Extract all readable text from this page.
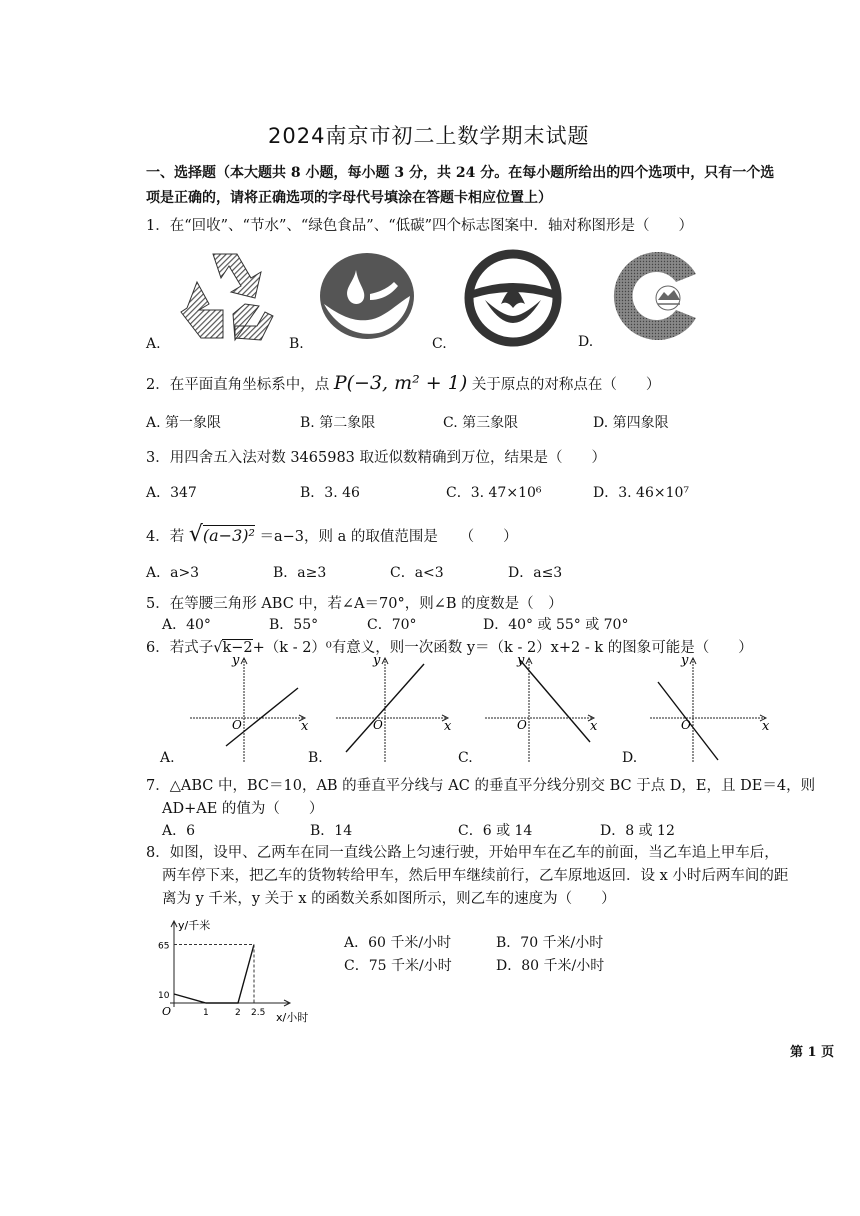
2024南京市初二上数学期末试题
一、选择题（本大题共 8 小题，每小题 3 分，共 24 分。在每小题所给出的四个选项中，只有一个选
项是正确的，请将正确选项的字母代号填涂在答题卡相应位置上）
1．在“回收”、“节水”、“绿色食品”、“低碳”四个标志图案中．轴对称图形是（　　）
A.	B.	C.	D.
2．在平面直角坐标系中，点 P(−3, m² + 1) 关于原点的对称点在（　　）
A. 第一象限	B. 第二象限	C. 第三象限	D. 第四象限
3．用四舍五入法对数 3465983 取近似数精确到万位，结果是（　　）
A．347	B．3. 46	C．3. 47×10⁶	D．3. 46×10⁷
4．若 √(a−3)² ＝a−3，则 a 的取值范围是　　（　　）
A．a>3	B．a≥3	C．a<3	D．a≤3
5．在等腰三角形 ABC 中，若∠A＝70°，则∠B 的度数是（　）
A．40°	B．55°	C．70°	D．40° 或 55° 或 70°
6．若式子√k−2+（k - 2）⁰有意义，则一次函数 y＝（k - 2）x+2 - k 的图象可能是（　　）
y
x
O
y
x
O
y
x
O
y
x
O
A.	B.	C.	D.
7．△ABC 中，BC＝10，AB 的垂直平分线与 AC 的垂直平分线分别交 BC 于点 D，E，且 DE＝4，则
AD+AE 的值为（　　）
A．6	B．14	C．6 或 14	D．8 或 12
8．如图，设甲、乙两车在同一直线公路上匀速行驶，开始甲车在乙车的前面，当乙车追上甲车后，
两车停下来，把乙车的货物转给甲车，然后甲车继续前行，乙车原地返回．设 x 小时后两车间的距
离为 y 千米，y 关于 x 的函数关系如图所示，则乙车的速度为（　　）
y/千米
x/小时
O
65
10
1	2 2.5
A．60 千米/小时	B．70 千米/小时
C．75 千米/小时	D．80 千米/小时
第 1 页
